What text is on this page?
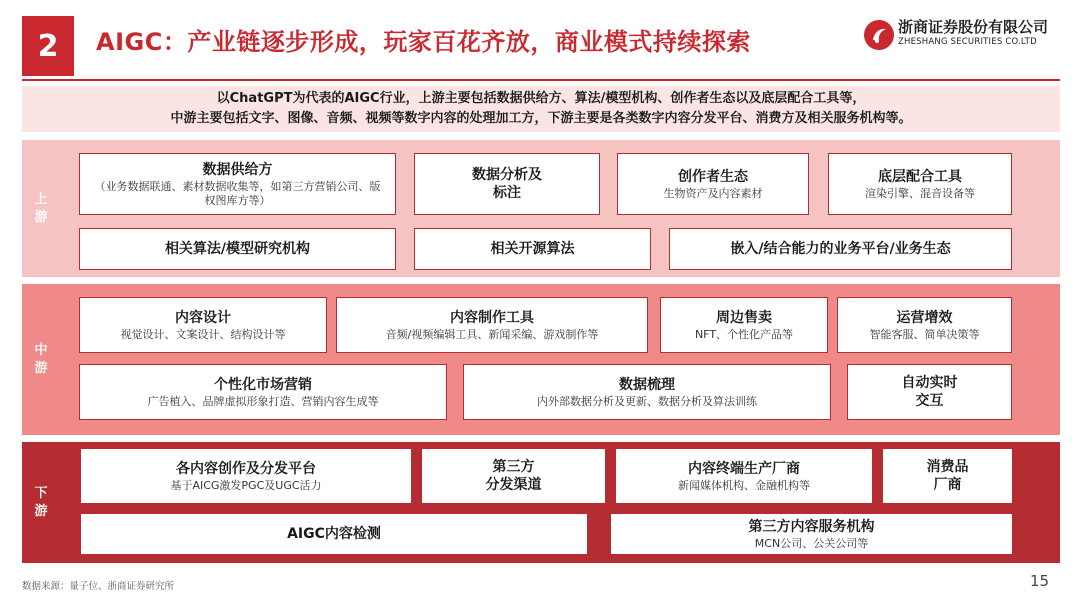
2	AIGC：产业链逐步形成，玩家百花齐放，商业模式持续探索
浙商证券股份有限公司
ZHESHANG SECURITIES CO.LTD
以ChatGPT为代表的AIGC行业，上游主要包括数据供给方、算法/模型机构、创作者生态以及底层配合工具等，
中游主要包括文字、图像、音频、视频等数字内容的处理加工方，下游主要是各类数字内容分发平台、消费方及相关服务机构等。
上
游
数据供给方
（业务数据联通、素材数据收集等，如第三方营销公司、版权图库方等）
数据分析及
标注
创作者生态
生物资产及内容素材
底层配合工具
渲染引擎、混音设备等
相关算法/模型研究机构	相关开源算法	嵌入/结合能力的业务平台/业务生态
中
游
内容设计
视觉设计、文案设计、结构设计等
内容制作工具
音频/视频编辑工具、新闻采编、游戏制作等
周边售卖
NFT、个性化产品等
运营增效
智能客服、简单决策等
个性化市场营销
广告植入、品牌虚拟形象打造、营销内容生成等
数据梳理
内外部数据分析及更新、数据分析及算法训练
自动实时
交互
下
游
各内容创作及分发平台
基于AICG激发PGC及UGC活力
第三方
分发渠道
内容终端生产厂商
新闻媒体机构、金融机构等
消费品
厂商
AIGC内容检测	第三方内容服务机构
MCN公司、公关公司等
数据来源：量子位、浙商证券研究所	15
